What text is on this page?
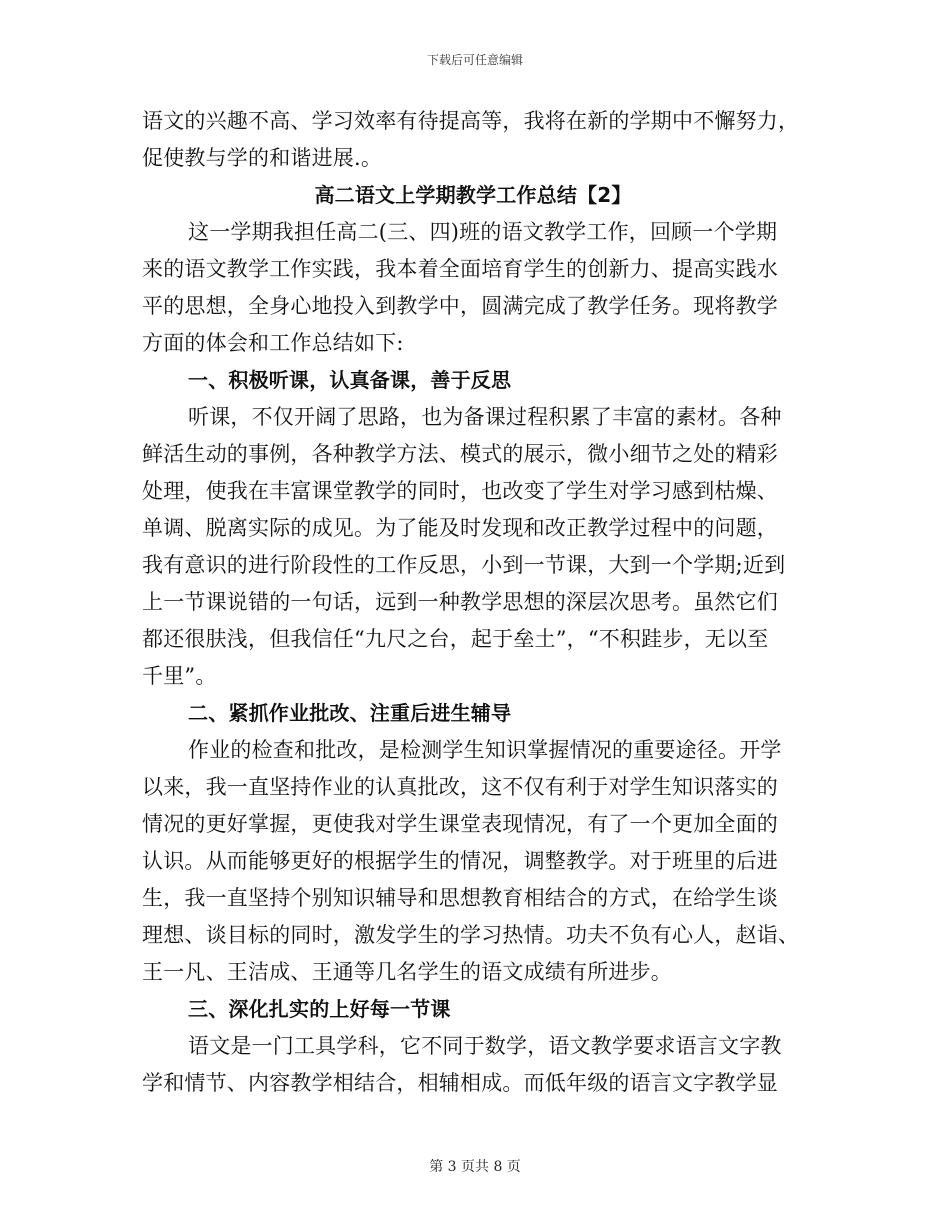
下载后可任意编辑
语文的兴趣不高、学习效率有待提高等，我将在新的学期中不懈努力，
促使教与学的和谐进展.。
高二语文上学期教学工作总结【2】
这一学期我担任高二(三、四)班的语文教学工作，回顾一个学期
来的语文教学工作实践，我本着全面培育学生的创新力、提高实践水
平的思想，全身心地投入到教学中，圆满完成了教学任务。现将教学
方面的体会和工作总结如下:
一、积极听课，认真备课，善于反思
听课，不仅开阔了思路，也为备课过程积累了丰富的素材。各种
鲜活生动的事例，各种教学方法、模式的展示，微小细节之处的精彩
处理，使我在丰富课堂教学的同时，也改变了学生对学习感到枯燥、
单调、脱离实际的成见。为了能及时发现和改正教学过程中的问题，
我有意识的进行阶段性的工作反思，小到一节课，大到一个学期;近到
上一节课说错的一句话，远到一种教学思想的深层次思考。虽然它们
都还很肤浅，但我信任“九尺之台，起于垒土”，“不积跬步，无以至
千里”。
二、紧抓作业批改、注重后进生辅导
作业的检查和批改，是检测学生知识掌握情况的重要途径。开学
以来，我一直坚持作业的认真批改，这不仅有利于对学生知识落实的
情况的更好掌握，更使我对学生课堂表现情况，有了一个更加全面的
认识。从而能够更好的根据学生的情况，调整教学。对于班里的后进
生，我一直坚持个别知识辅导和思想教育相结合的方式，在给学生谈
理想、谈目标的同时，激发学生的学习热情。功夫不负有心人，赵诣、
王一凡、王洁成、王通等几名学生的语文成绩有所进步。
三、深化扎实的上好每一节课
语文是一门工具学科，它不同于数学，语文教学要求语言文字教
学和情节、内容教学相结合，相辅相成。而低年级的语言文字教学显
第 3 页共 8 页
